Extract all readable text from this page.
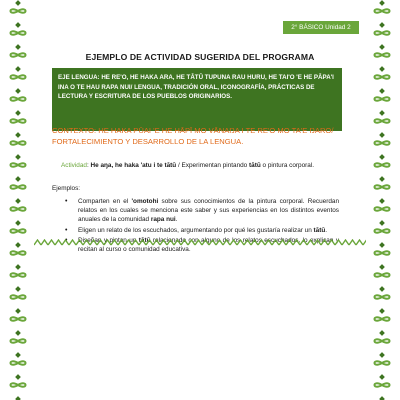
2° BÁSICO Unidad 2
EJEMPLO DE ACTIVIDAD SUGERIDA DEL PROGRAMA
EJE LENGUA: HE RE'O, HE HAKA ARA, HE TĀTŪ TUPUNA RAU HURU, HE TAI'O 'E HE PĀPA'I INA O TE HAU RAPA NUI/ LENGUA, TRADICIÓN ORAL, ICONOGRAFÍA, PRÁCTICAS DE LECTURA Y ESCRITURA DE LOS PUEBLOS ORIGINARIOS.
CONTEXTO: HE HAKA PŪAI 'E HE HĀPĪ MO VĀNAŊA I TE RE'O MO TA'E ŊARO/ FORTALECIMIENTO Y DESARROLLO DE LA LENGUA.
Actividad: He aŋa, he haka 'atu i te tātū / Experimentan pintando tātū o pintura corporal.
Ejemplos:
• Comparten en el 'omotohi sobre sus conocimientos de la pintura corporal. Recuerdan relatos en los cuales se menciona este saber y sus experiencias en los distintos eventos anuales de la comunidad rapa nui.
• Eligen un relato de los escuchados, argumentando por qué les gustaría realizar un tātū.
• Diseñan y pintan un tātū relacionado con alguno de los relatos escuchados, lo explican y recitan al curso o comunidad educativa.
